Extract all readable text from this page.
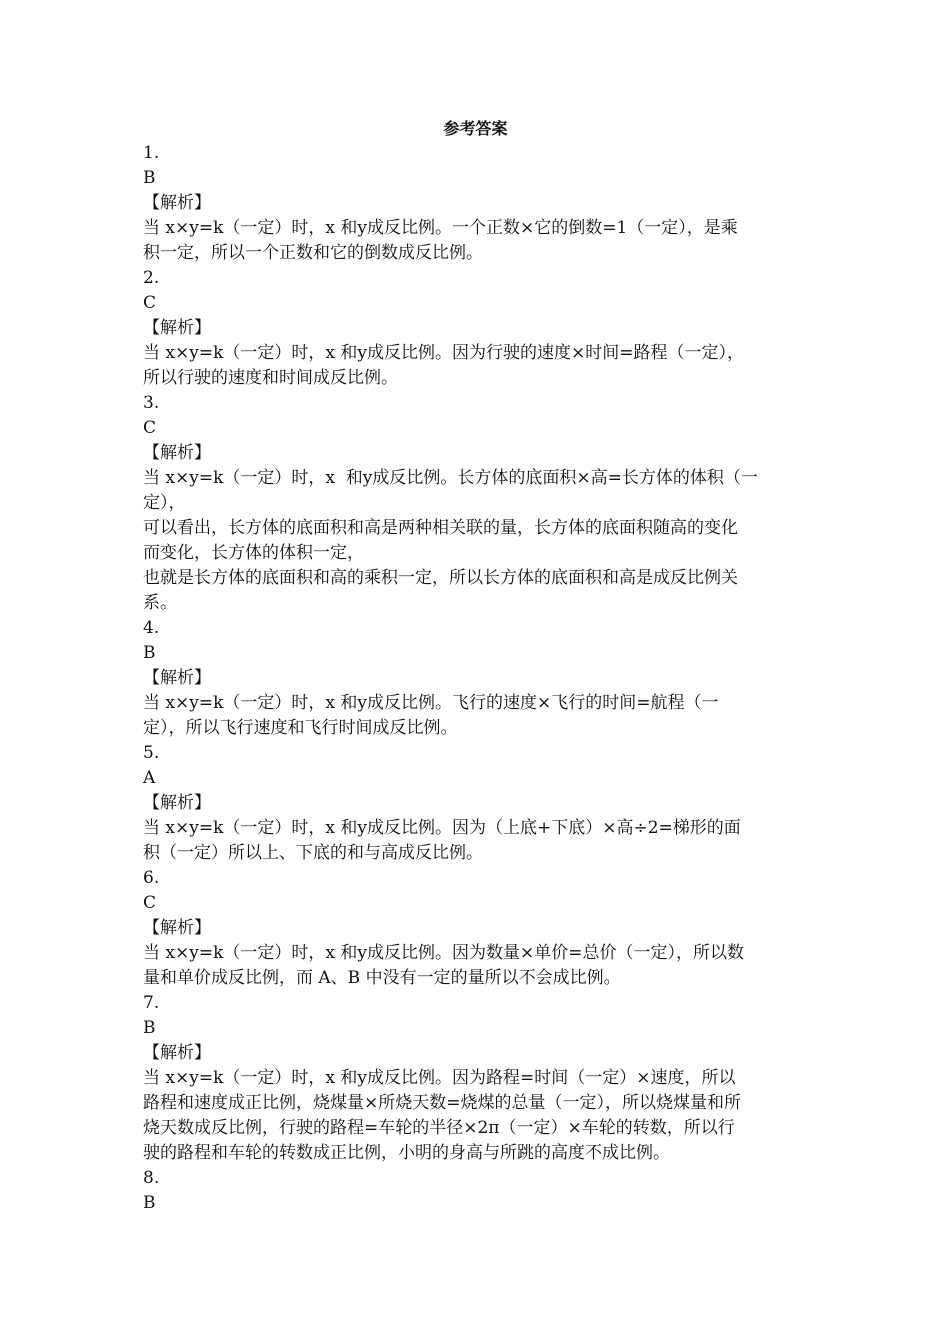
参考答案
1.
B
【解析】
当 x×y=k（一定）时，x 和y成反比例。一个正数×它的倒数=1（一定），是乘
积一定，所以一个正数和它的倒数成反比例。
2.
C
【解析】
当 x×y=k（一定）时，x 和y成反比例。因为行驶的速度×时间=路程（一定），
所以行驶的速度和时间成反比例。
3.
C
【解析】
当 x×y=k（一定）时，x  和y成反比例。长方体的底面积×高=长方体的体积（一
定），
可以看出，长方体的底面积和高是两种相关联的量，长方体的底面积随高的变化
而变化，长方体的体积一定，
也就是长方体的底面积和高的乘积一定，所以长方体的底面积和高是成反比例关
系。
4.
B
【解析】
当 x×y=k（一定）时，x 和y成反比例。飞行的速度×飞行的时间=航程（一
定），所以飞行速度和飞行时间成反比例。
5.
A
【解析】
当 x×y=k（一定）时，x 和y成反比例。因为（上底+下底）×高÷2=梯形的面
积（一定）所以上、下底的和与高成反比例。
6.
C
【解析】
当 x×y=k（一定）时，x 和y成反比例。因为数量×单价=总价（一定），所以数
量和单价成反比例，而 A、B 中没有一定的量所以不会成比例。
7.
B
【解析】
当 x×y=k（一定）时，x 和y成反比例。因为路程=时间（一定）×速度，所以
路程和速度成正比例，烧煤量×所烧天数=烧煤的总量（一定），所以烧煤量和所
烧天数成反比例，行驶的路程=车轮的半径×2π（一定）×车轮的转数，所以行
驶的路程和车轮的转数成正比例，小明的身高与所跳的高度不成比例。
8.
B
